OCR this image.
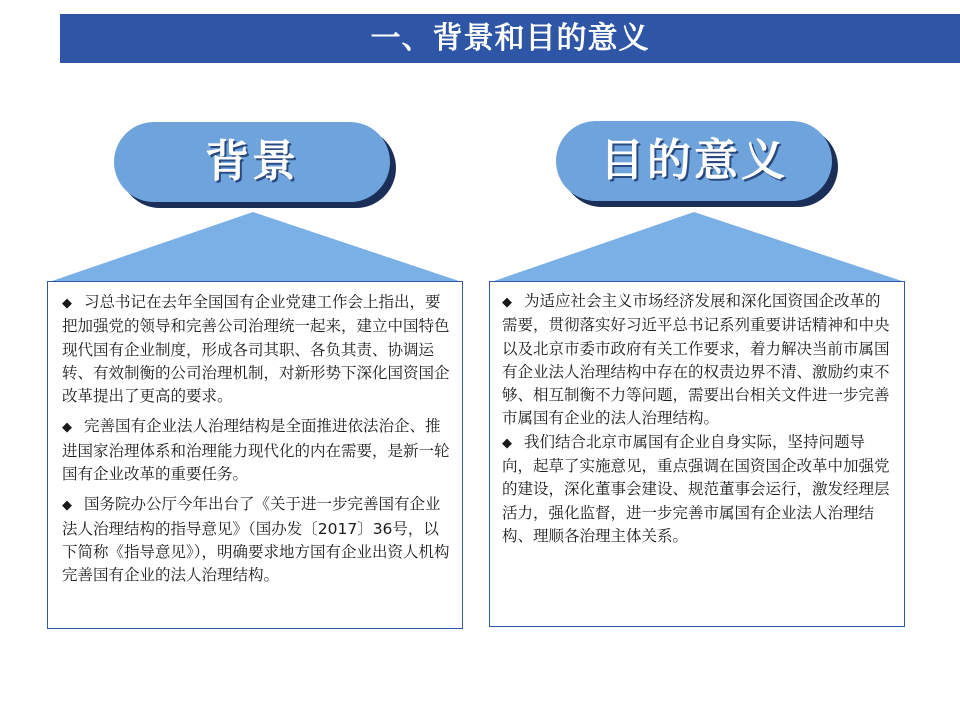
一、背景和目的意义
背景	目的意义

◆ 习总书记在去年全国国有企业党建工作会上指出，要把加强党的领导和完善公司治理统一起来，建立中国特色现代国有企业制度，形成各司其职、各负其责、协调运转、有效制衡的公司治理机制，对新形势下深化国资国企改革提出了更高的要求。

◆ 完善国有企业法人治理结构是全面推进依法治企、推进国家治理体系和治理能力现代化的内在需要，是新一轮国有企业改革的重要任务。

◆ 国务院办公厅今年出台了《关于进一步完善国有企业法人治理结构的指导意见》（国办发〔2017〕36号，以下简称《指导意见》），明确要求地方国有企业出资人机构完善国有企业的法人治理结构。

◆ 为适应社会主义市场经济发展和深化国资国企改革的需要，贯彻落实好习近平总书记系列重要讲话精神和中央以及北京市委市政府有关工作要求，着力解决当前市属国有企业法人治理结构中存在的权责边界不清、激励约束不够、相互制衡不力等问题，需要出台相关文件进一步完善市属国有企业的法人治理结构。

◆ 我们结合北京市属国有企业自身实际，坚持问题导向，起草了实施意见，重点强调在国资国企改革中加强党的建设，深化董事会建设、规范董事会运行，激发经理层活力，强化监督，进一步完善市属国有企业法人治理结构、理顺各治理主体关系。
